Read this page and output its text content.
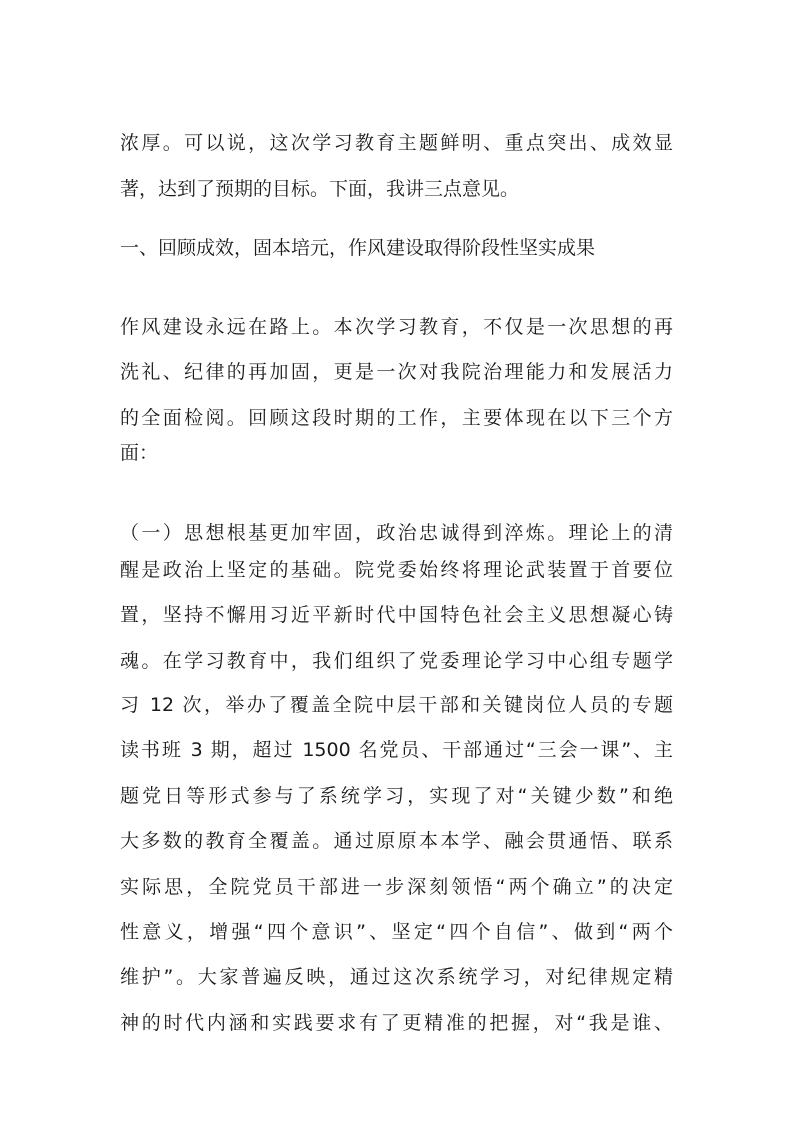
浓厚。可以说，这次学习教育主题鲜明、重点突出、成效显
著，达到了预期的目标。下面，我讲三点意见。
一、回顾成效，固本培元，作风建设取得阶段性坚实成果
作风建设永远在路上。本次学习教育，不仅是一次思想的再
洗礼、纪律的再加固，更是一次对我院治理能力和发展活力
的全面检阅。回顾这段时期的工作，主要体现在以下三个方
面：
（一）思想根基更加牢固，政治忠诚得到淬炼。理论上的清
醒是政治上坚定的基础。院党委始终将理论武装置于首要位
置，坚持不懈用习近平新时代中国特色社会主义思想凝心铸
魂。在学习教育中，我们组织了党委理论学习中心组专题学
习 12 次，举办了覆盖全院中层干部和关键岗位人员的专题
读书班 3 期，超过 1500 名党员、干部通过“三会一课”、主
题党日等形式参与了系统学习，实现了对“关键少数”和绝
大多数的教育全覆盖。通过原原本本学、融会贯通悟、联系
实际思，全院党员干部进一步深刻领悟“两个确立”的决定
性意义，增强“四个意识”、坚定“四个自信”、做到“两个
维护”。大家普遍反映，通过这次系统学习，对纪律规定精
神的时代内涵和实践要求有了更精准的把握，对“我是谁、
